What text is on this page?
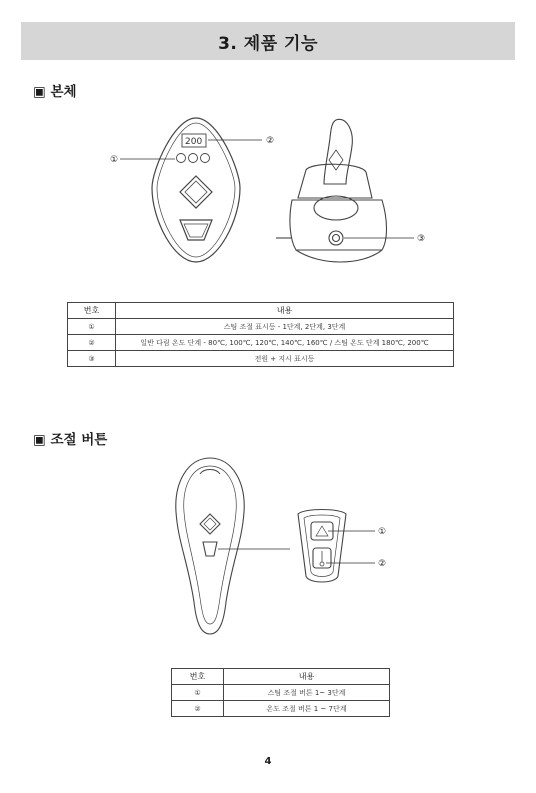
3. 제품 기능
▣ 본체
200
①
②
③
번호	내용
①	스팀 조절 표시등 - 1단계, 2단계, 3단계
②	일반 다림 온도 단계 - 80℃, 100℃, 120℃, 140℃, 160℃ / 스팀 온도 단계 180℃, 200℃
③	전원 + 지시 표시등
▣ 조절 버튼
①
②
번호	내용
①	스팀 조절 버튼 1~ 3단계
②	온도 조절 버튼 1 ~ 7단계
4
